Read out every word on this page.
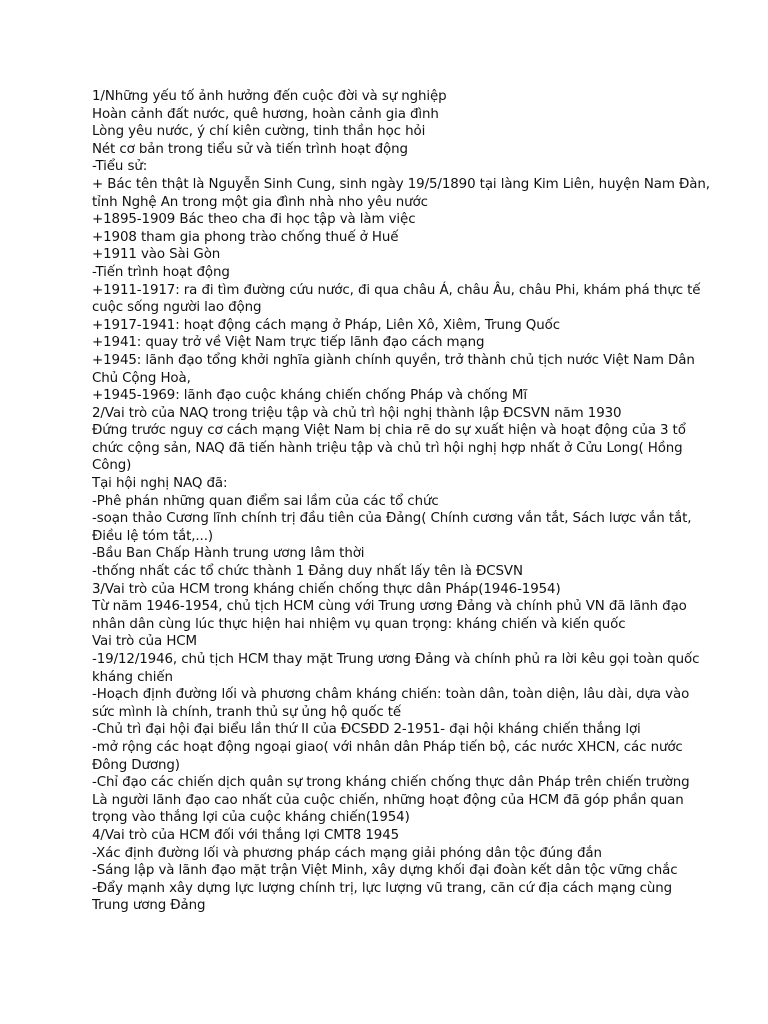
1/Những yếu tố ảnh hưởng đến cuộc đời và sự nghiệp
Hoàn cảnh đất nước, quê hương, hoàn cảnh gia đình
Lòng yêu nước, ý chí kiên cường, tinh thần học hỏi
Nét cơ bản trong tiểu sử và tiến trình hoạt động
-Tiểu sử:
+ Bác tên thật là Nguyễn Sinh Cung, sinh ngày 19/5/1890 tại làng Kim Liên, huyện Nam Đàn,
tỉnh Nghệ An trong một gia đình nhà nho yêu nước
+1895-1909 Bác theo cha đi học tập và làm việc
+1908 tham gia phong trào chống thuế ở Huế
+1911 vào Sài Gòn
-Tiến trình hoạt động
+1911-1917: ra đi tìm đường cứu nước, đi qua châu Á, châu Âu, châu Phi, khám phá thực tế
cuộc sống người lao động
+1917-1941: hoạt động cách mạng ở Pháp, Liên Xô, Xiêm, Trung Quốc
+1941: quay trở về Việt Nam trực tiếp lãnh đạo cách mạng
+1945: lãnh đạo tổng khởi nghĩa giành chính quyền, trở thành chủ tịch nước Việt Nam Dân
Chủ Cộng Hoà,
+1945-1969: lãnh đạo cuộc kháng chiến chống Pháp và chống Mĩ
2/Vai trò của NAQ trong triệu tập và chủ trì hội nghị thành lập ĐCSVN năm 1930
Đứng trước nguy cơ cách mạng Việt Nam bị chia rẽ do sự xuất hiện và hoạt động của 3 tổ
chức cộng sản, NAQ đã tiến hành triệu tập và chủ trì hội nghị hợp nhất ở Cửu Long( Hồng
Công)
Tại hội nghị NAQ đã:
-Phê phán những quan điểm sai lầm của các tổ chức
-soạn thảo Cương lĩnh chính trị đầu tiên của Đảng( Chính cương vắn tắt, Sách lược vắn tắt,
Điều lệ tóm tắt,...)
-Bầu Ban Chấp Hành trung ương lâm thời
-thống nhất các tổ chức thành 1 Đảng duy nhất lấy tên là ĐCSVN
3/Vai trò của HCM trong kháng chiến chống thực dân Pháp(1946-1954)
Từ năm 1946-1954, chủ tịch HCM cùng với Trung ương Đảng và chính phủ VN đã lãnh đạo
nhân dân cùng lúc thực hiện hai nhiệm vụ quan trọng: kháng chiến và kiến quốc
Vai trò của HCM
-19/12/1946, chủ tịch HCM thay mặt Trung ương Đảng và chính phủ ra lời kêu gọi toàn quốc
kháng chiến
-Hoạch định đường lối và phương châm kháng chiến: toàn dân, toàn diện, lâu dài, dựa vào
sức mình là chính, tranh thủ sự ủng hộ quốc tế
-Chủ trì đại hội đại biểu lần thứ II của ĐCSĐD 2-1951- đại hội kháng chiến thắng lợi
-mở rộng các hoạt động ngoại giao( với nhân dân Pháp tiến bộ, các nước XHCN, các nước
Đông Dương)
-Chỉ đạo các chiến dịch quân sự trong kháng chiến chống thực dân Pháp trên chiến trường
Là người lãnh đạo cao nhất của cuộc chiến, những hoạt động của HCM đã góp phần quan
trọng vào thắng lợi của cuộc kháng chiến(1954)
4/Vai trò của HCM đối với thắng lợi CMT8 1945
-Xác định đường lối và phương pháp cách mạng giải phóng dân tộc đúng đắn
-Sáng lập và lãnh đạo mặt trận Việt Minh, xây dựng khối đại đoàn kết dân tộc vững chắc
-Đẩy mạnh xây dựng lực lượng chính trị, lực lượng vũ trang, căn cứ địa cách mạng cùng
Trung ương Đảng
